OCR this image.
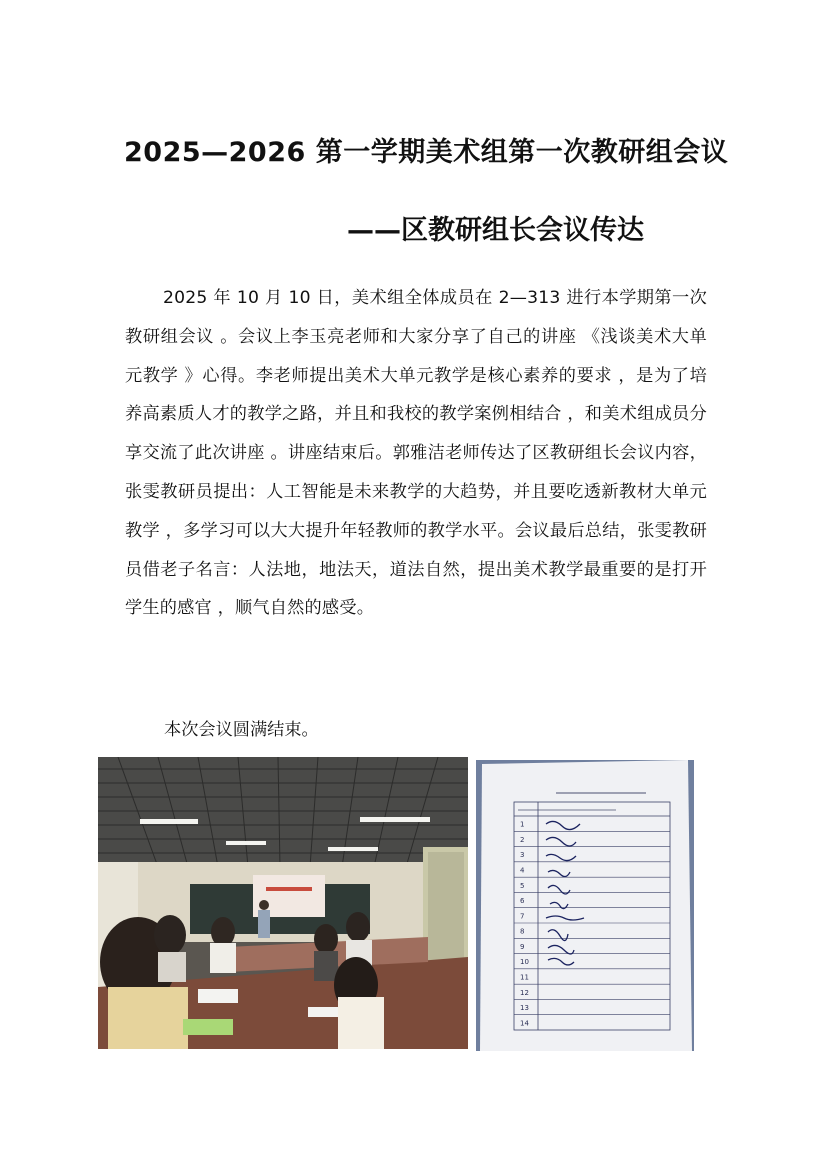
2025—2026 第一学期美术组第一次教研组会议
——区教研组长会议传达

2025 年 10 月 10 日，美术组全体成员在 2—313 进行本学期第一次教研组会议 。会议上李玉亮老师和大家分享了自己的讲座 《浅谈美术大单元教学 》心得。李老师提出美术大单元教学是核心素养的要求 ，是为了培养高素质人才的教学之路，并且和我校的教学案例相结合 ，和美术组成员分享交流了此次讲座 。讲座结束后。郭雅洁老师传达了区教研组长会议内容， 张雯教研员提出：人工智能是未来教学的大趋势，并且要吃透新教材大单元教学 ，多学习可以大大提升年轻教师的教学水平。会议最后总结，张雯教研员借老子名言：人法地，地法天，道法自然，提出美术教学最重要的是打开学生的感官 ，顺气自然的感受。

本次会议圆满结束。
1
2
3
4
5
6
7
8
9
10
11
12
13
14
